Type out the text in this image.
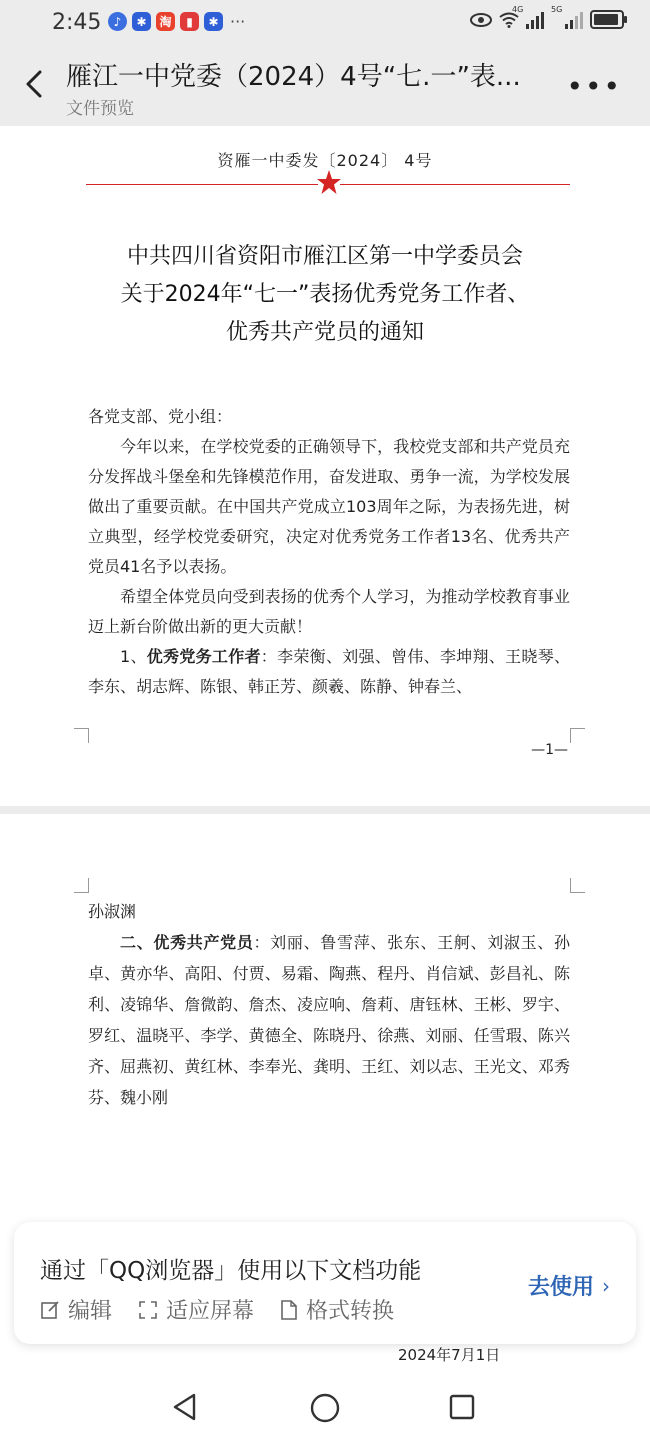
2:45	♪	✱	淘	▮	✱ ···
4G	5G
雁江一中党委（2024）4号“七.一”表...
文件预览
•••
资雁一中委发〔2024〕 4号
中共四川省资阳市雁江区第一中学委员会
关于2024年“七一”表扬优秀党务工作者、
优秀共产党员的通知
各党支部、党小组：
今年以来，在学校党委的正确领导下，我校党支部和共产党员充分发挥战斗堡垒和先锋模范作用，奋发进取、勇争一流，为学校发展做出了重要贡献。在中国共产党成立103周年之际，为表扬先进，树立典型，经学校党委研究，决定对优秀党务工作者13名、优秀共产党员41名予以表扬。
希望全体党员向受到表扬的优秀个人学习，为推动学校教育事业迈上新台阶做出新的更大贡献！
1、优秀党务工作者：李荣衡、刘强、曾伟、李坤翔、王晓琴、李东、胡志辉、陈银、韩正芳、颜羲、陈静、钟春兰、
—1—
孙淑渊
二、优秀共产党员：刘丽、鲁雪萍、张东、王舸、刘淑玉、孙卓、黄亦华、高阳、付贾、易霜、陶燕、程丹、肖信斌、彭昌礼、陈利、凌锦华、詹微韵、詹杰、凌应响、詹莉、唐钰林、王彬、罗宇、罗红、温晓平、李学、黄德全、陈晓丹、徐燕、刘丽、任雪瑕、陈兴齐、屈燕初、黄红林、李奉光、龚明、王红、刘以志、王光文、邓秀芬、魏小刚
2024年7月1日
通过「QQ浏览器」使用以下文档功能
编辑 适应屏幕 格式转换
去使用 ›
